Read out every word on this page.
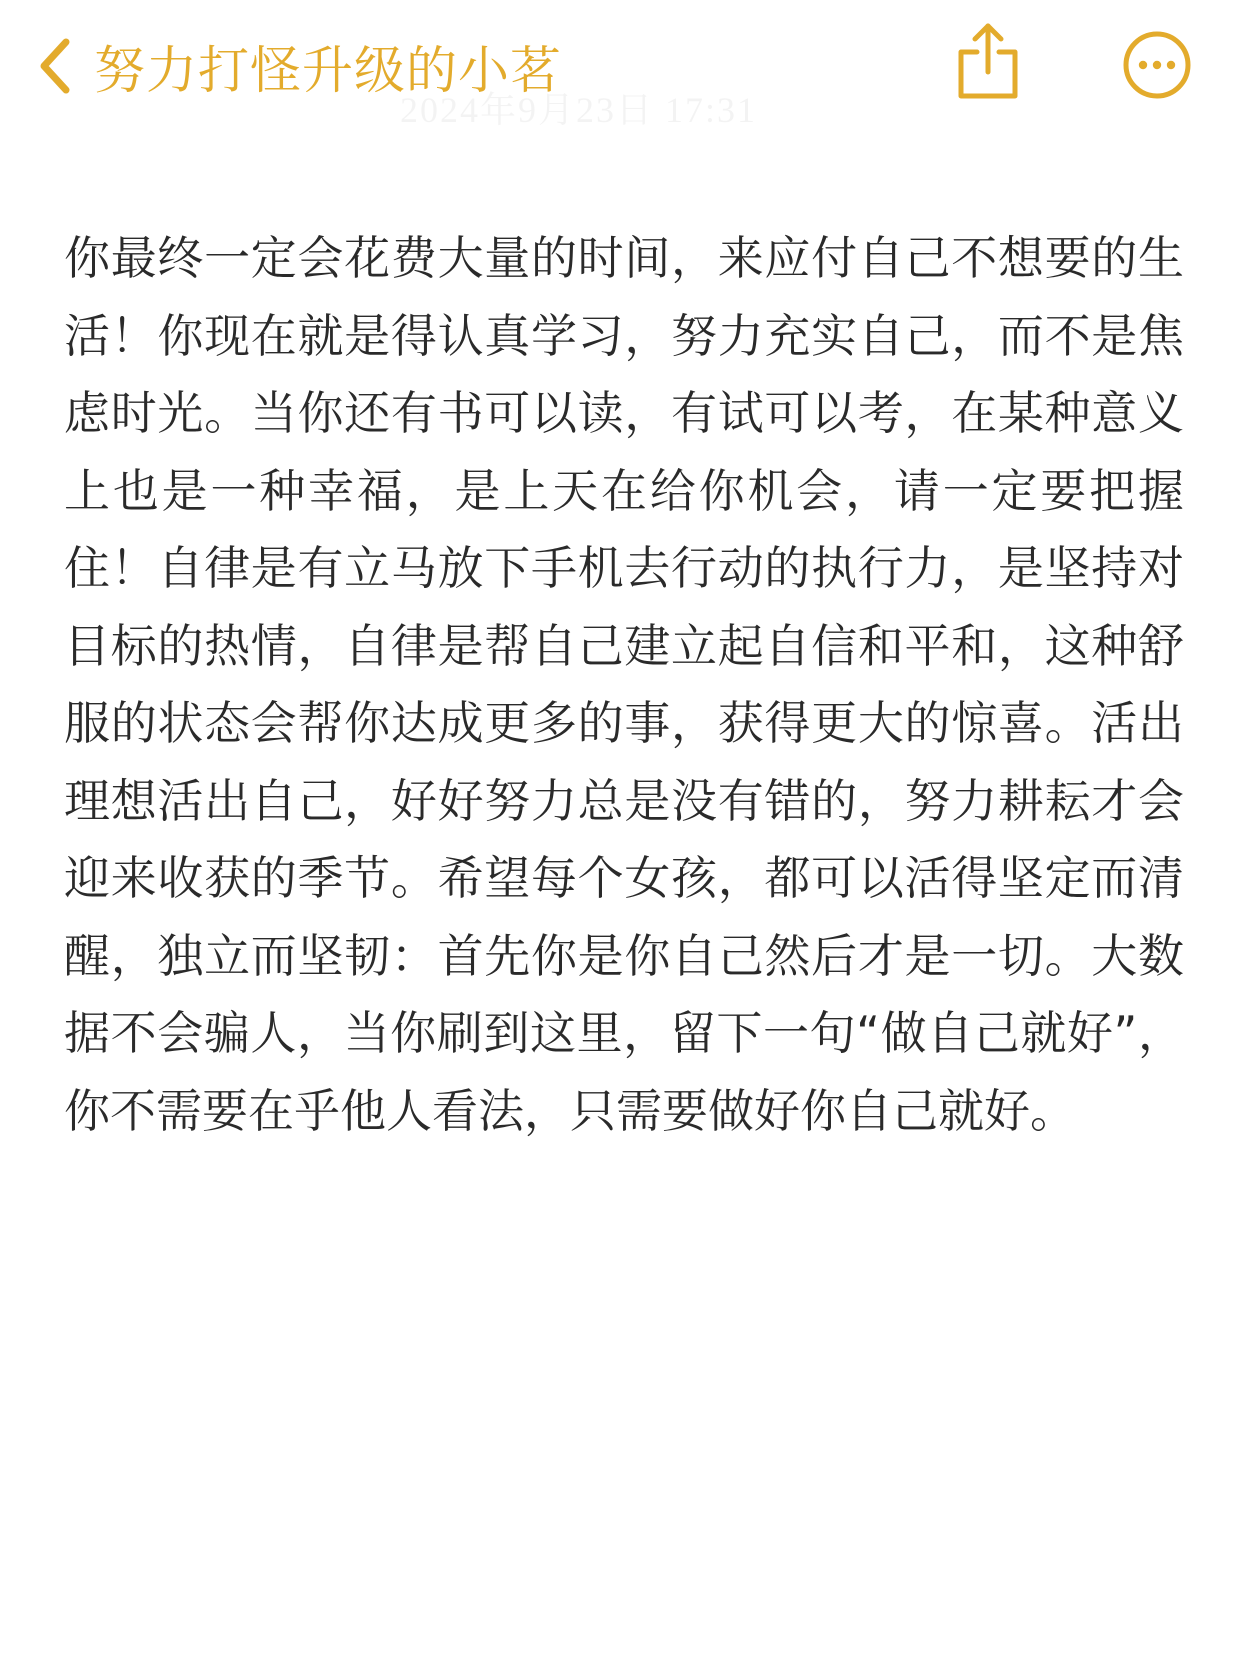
努力打怪升级的小茗

你最终一定会花费大量的时间，来应付自己不想要的生活！你现在就是得认真学习，努力充实自己，而不是焦虑时光。当你还有书可以读，有试可以考，在某种意义上也是一种幸福，是上天在给你机会，请一定要把握住！自律是有立马放下手机去行动的执行力，是坚持对目标的热情，自律是帮自己建立起自信和平和，这种舒服的状态会帮你达成更多的事，获得更大的惊喜。活出理想活出自己，好好努力总是没有错的，努力耕耘才会迎来收获的季节。希望每个女孩，都可以活得坚定而清醒，独立而坚韧：首先你是你自己然后才是一切。大数据不会骗人，当你刷到这里，留下一句“做自己就好”，你不需要在乎他人看法，只需要做好你自己就好。
